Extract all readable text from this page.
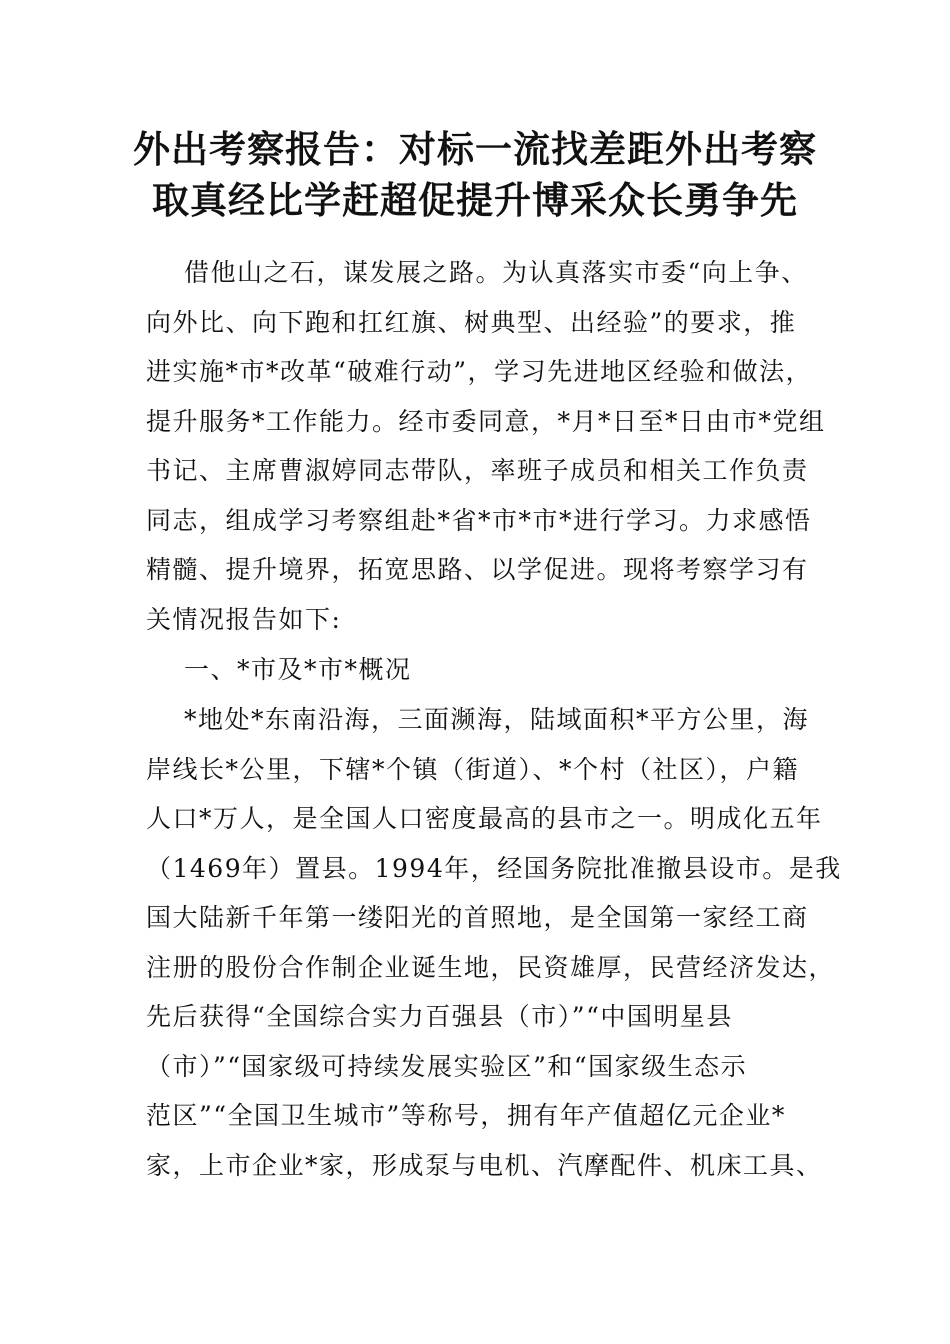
外出考察报告：对标一流找差距外出考察
取真经比学赶超促提升博采众长勇争先
借他山之石，谋发展之路。为认真落实市委“向上争、
向外比、向下跑和扛红旗、树典型、出经验”的要求，推
进实施*市*改革“破难行动”，学习先进地区经验和做法，
提升服务*工作能力。经市委同意，*月*日至*日由市*党组
书记、主席曹淑婷同志带队，率班子成员和相关工作负责
同志，组成学习考察组赴*省*市*市*进行学习。力求感悟
精髓、提升境界，拓宽思路、以学促进。现将考察学习有
关情况报告如下:
一、*市及*市*概况
*地处*东南沿海，三面濒海，陆域面积*平方公里，海
岸线长*公里，下辖*个镇（街道）、*个村（社区），户籍
人口*万人，是全国人口密度最高的县市之一。明成化五年
（1469年）置县。1994年，经国务院批准撤县设市。是我
国大陆新千年第一缕阳光的首照地，是全国第一家经工商
注册的股份合作制企业诞生地，民资雄厚，民营经济发达，
先后获得“全国综合实力百强县（市）”“中国明星县
（市）”“国家级可持续发展实验区”和“国家级生态示
范区”“全国卫生城市”等称号，拥有年产值超亿元企业*
家，上市企业*家，形成泵与电机、汽摩配件、机床工具、
